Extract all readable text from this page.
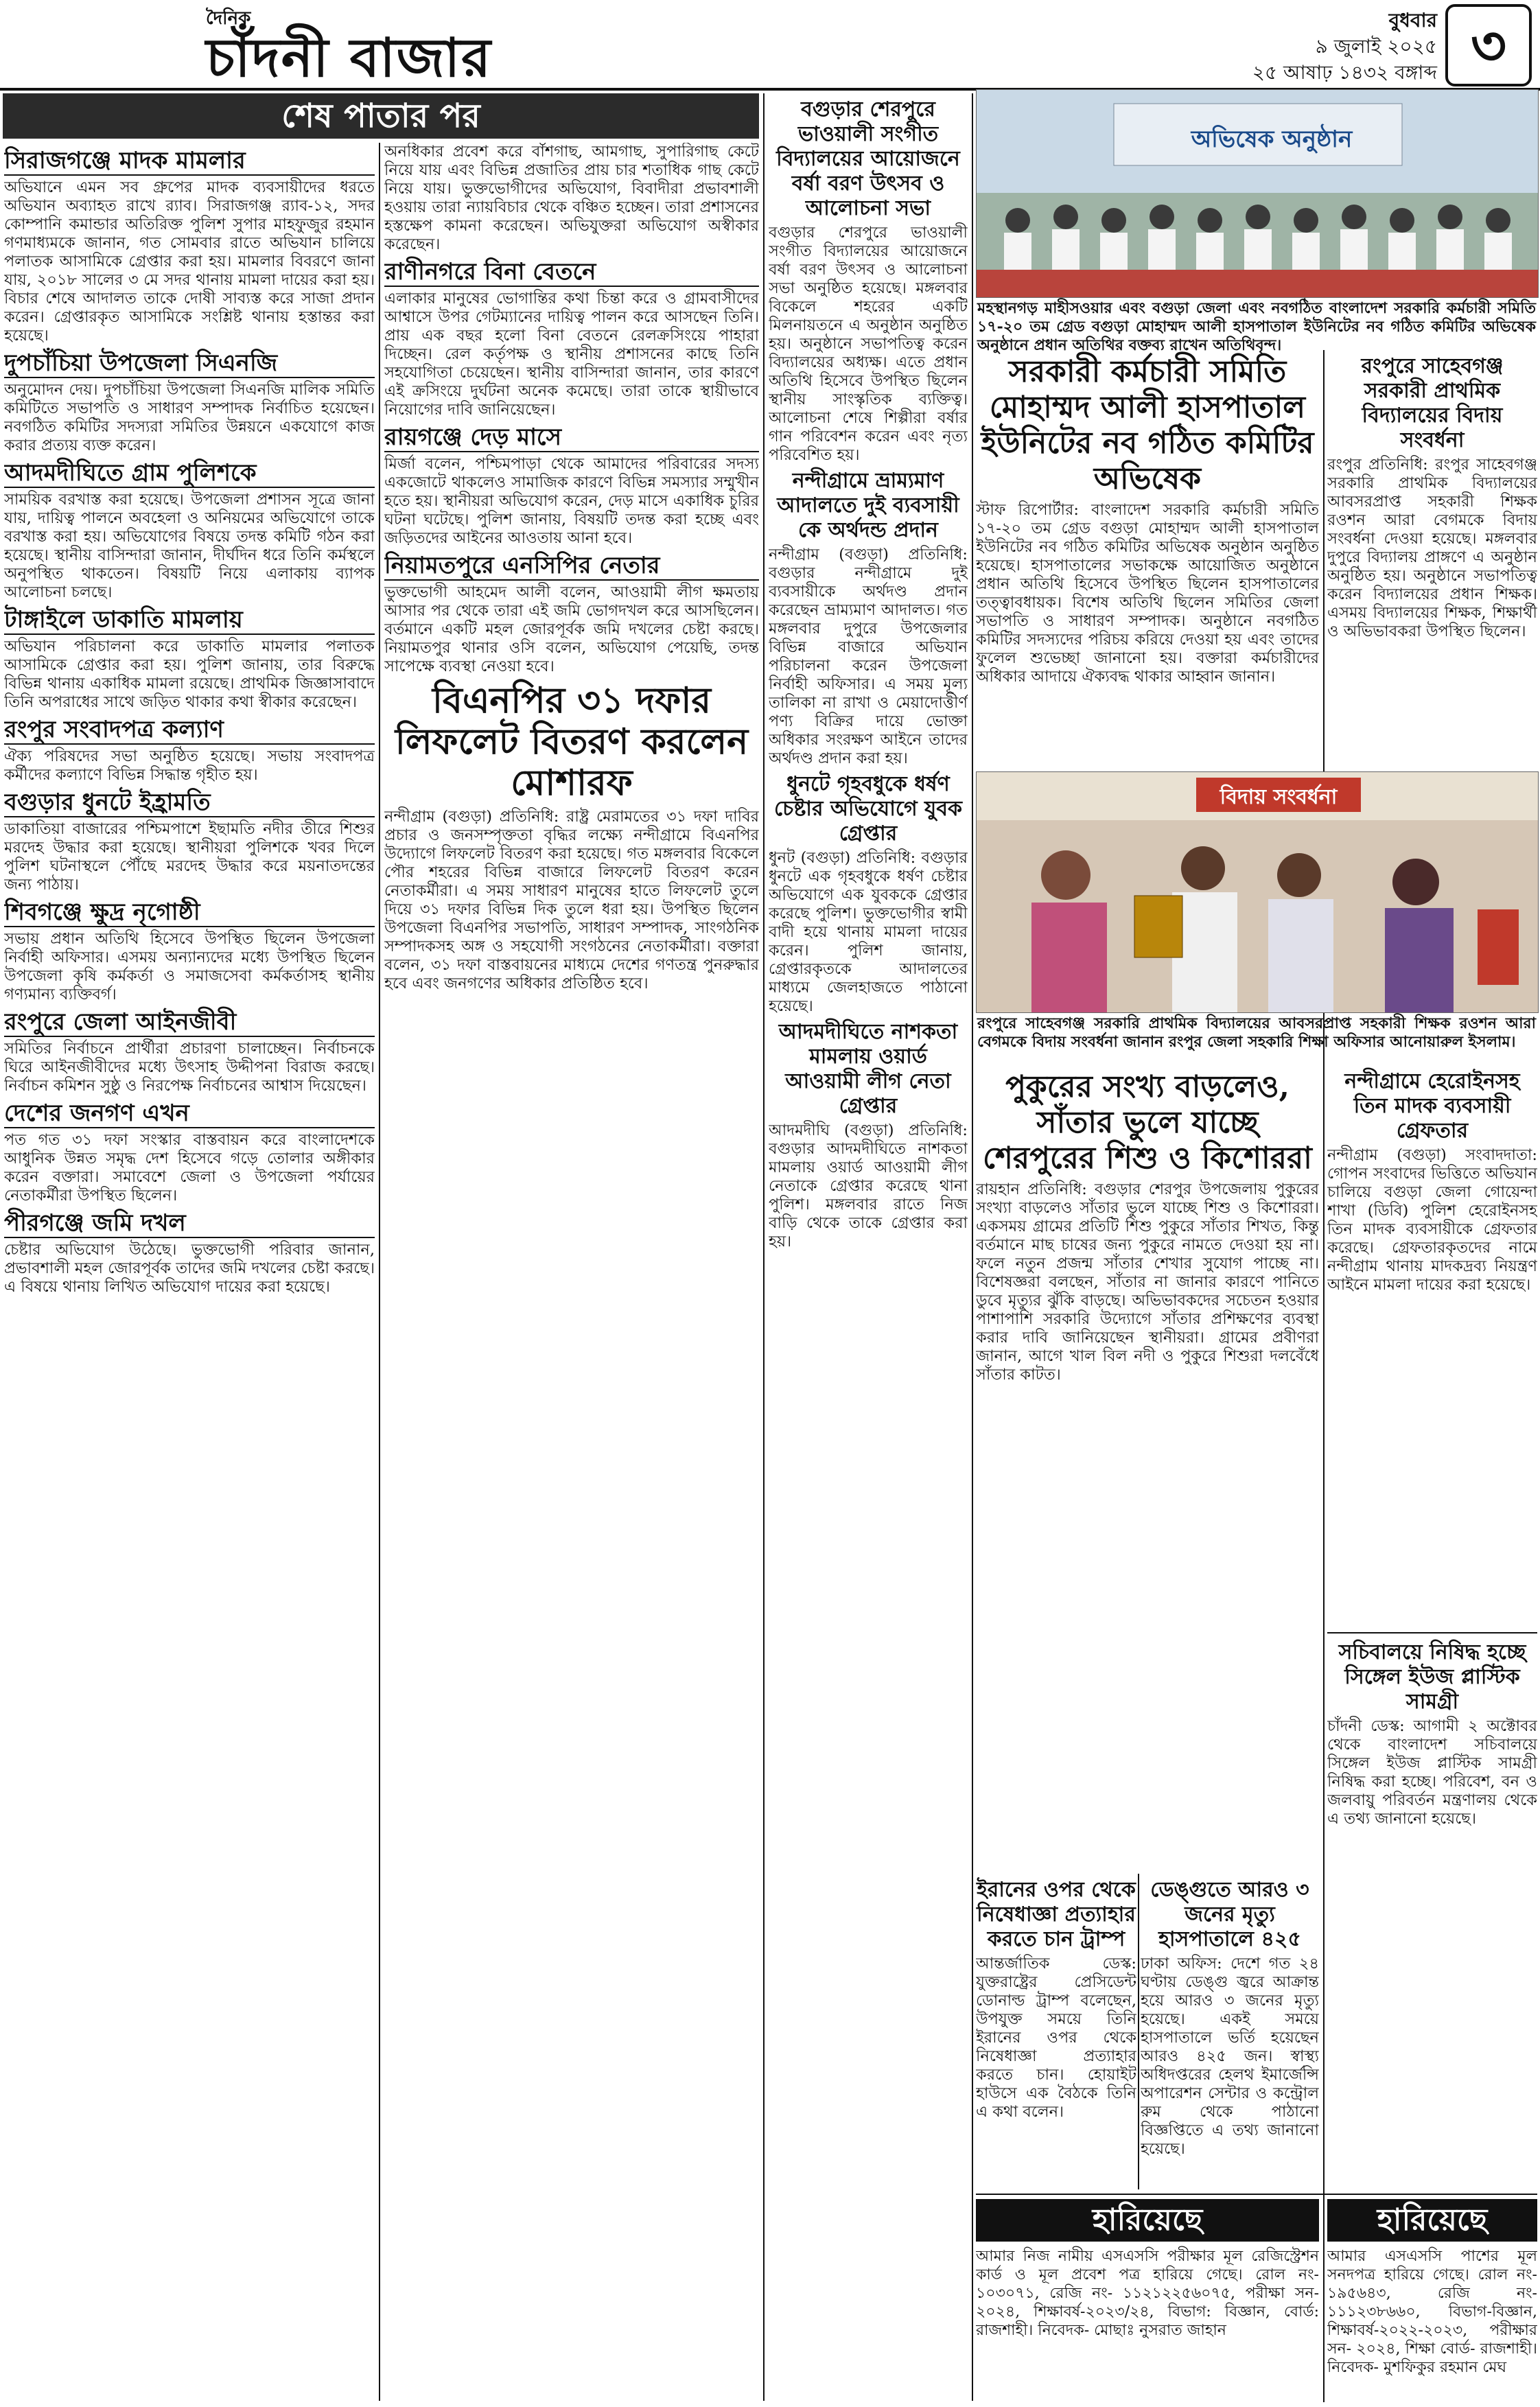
দৈনিক
চাঁদনী বাজার
বুধবার
৯ জুলাই ২০২৫
২৫ আষাঢ় ১৪৩২ বঙ্গাব্দ ৩
শেষ পাতার পর
সিরাজগঞ্জে মাদক মামলার

অভিযানে এমন সব গ্রুপের মাদক ব্যবসায়ীদের ধরতে অভিযান অব্যাহত রাখে র‌্যাব। সিরাজগঞ্জ র‌্যাব-১২, সদর কোম্পানি কমান্ডার অতিরিক্ত পুলিশ সুপার মাহফুজুর রহমান গণমাধ্যমকে জানান, গত সোমবার রাতে অভিযান চালিয়ে পলাতক আসামিকে গ্রেপ্তার করা হয়। মামলার বিবরণে জানা যায়, ২০১৮ সালের ৩ মে সদর থানায় মামলা দায়ের করা হয়। বিচার শেষে আদালত তাকে দোষী সাব্যস্ত করে সাজা প্রদান করেন। গ্রেপ্তারকৃত আসামিকে সংশ্লিষ্ট থানায় হস্তান্তর করা হয়েছে।

দুপচাঁচিয়া উপজেলা সিএনজি

অনুমোদন দেয়। দুপচাঁচিয়া উপজেলা সিএনজি মালিক সমিতি কমিটিতে সভাপতি ও সাধারণ সম্পাদক নির্বাচিত হয়েছেন। নবগঠিত কমিটির সদস্যরা সমিতির উন্নয়নে একযোগে কাজ করার প্রত্যয় ব্যক্ত করেন।

আদমদীঘিতে গ্রাম পুলিশকে

সাময়িক বরখাস্ত করা হয়েছে। উপজেলা প্রশাসন সূত্রে জানা যায়, দায়িত্ব পালনে অবহেলা ও অনিয়মের অভিযোগে তাকে বরখাস্ত করা হয়। অভিযোগের বিষয়ে তদন্ত কমিটি গঠন করা হয়েছে। স্থানীয় বাসিন্দারা জানান, দীর্ঘদিন ধরে তিনি কর্মস্থলে অনুপস্থিত থাকতেন। বিষয়টি নিয়ে এলাকায় ব্যাপক আলোচনা চলছে।

টাঙ্গাইলে ডাকাতি মামলায়

অভিযান পরিচালনা করে ডাকাতি মামলার পলাতক আসামিকে গ্রেপ্তার করা হয়। পুলিশ জানায়, তার বিরুদ্ধে বিভিন্ন থানায় একাধিক মামলা রয়েছে। প্রাথমিক জিজ্ঞাসাবাদে তিনি অপরাধের সাথে জড়িত থাকার কথা স্বীকার করেছেন।

রংপুর সংবাদপত্র কল্যাণ

ঐক্য পরিষদের সভা অনুষ্ঠিত হয়েছে। সভায় সংবাদপত্র কর্মীদের কল্যাণে বিভিন্ন সিদ্ধান্ত গৃহীত হয়।

বগুড়ার ধুনটে ইহ্রামতি

ডাকাতিয়া বাজারের পশ্চিমপাশে ইছামতি নদীর তীরে শিশুর মরদেহ উদ্ধার করা হয়েছে। স্থানীয়রা পুলিশকে খবর দিলে পুলিশ ঘটনাস্থলে পৌঁছে মরদেহ উদ্ধার করে ময়নাতদন্তের জন্য পাঠায়।

শিবগঞ্জে ক্ষুদ্র নৃগোষ্ঠী

সভায় প্রধান অতিথি হিসেবে উপস্থিত ছিলেন উপজেলা নির্বাহী অফিসার। এসময় অন্যান্যদের মধ্যে উপস্থিত ছিলেন উপজেলা কৃষি কর্মকর্তা ও সমাজসেবা কর্মকর্তাসহ স্থানীয় গণ্যমান্য ব্যক্তিবর্গ।

রংপুরে জেলা আইনজীবী

সমিতির নির্বাচনে প্রার্থীরা প্রচারণা চালাচ্ছেন। নির্বাচনকে ঘিরে আইনজীবীদের মধ্যে উৎসাহ উদ্দীপনা বিরাজ করছে। নির্বাচন কমিশন সুষ্ঠু ও নিরপেক্ষ নির্বাচনের আশ্বাস দিয়েছেন।

দেশের জনগণ এখন

পত গত ৩১ দফা সংস্কার বাস্তবায়ন করে বাংলাদেশকে আধুনিক উন্নত সমৃদ্ধ দেশ হিসেবে গড়ে তোলার অঙ্গীকার করেন বক্তারা। সমাবেশে জেলা ও উপজেলা পর্যায়ের নেতাকর্মীরা উপস্থিত ছিলেন।

পীরগঞ্জে জমি দখল

চেষ্টার অভিযোগ উঠেছে। ভুক্তভোগী পরিবার জানান, প্রভাবশালী মহল জোরপূর্বক তাদের জমি দখলের চেষ্টা করছে। এ বিষয়ে থানায় লিখিত অভিযোগ দায়ের করা হয়েছে।

অনধিকার প্রবেশ করে বাঁশগাছ, আমগাছ, সুপারিগাছ কেটে নিয়ে যায় এবং বিভিন্ন প্রজাতির প্রায় চার শতাধিক গাছ কেটে নিয়ে যায়। ভুক্তভোগীদের অভিযোগ, বিবাদীরা প্রভাবশালী হওয়ায় তারা ন্যায়বিচার থেকে বঞ্চিত হচ্ছেন। তারা প্রশাসনের হস্তক্ষেপ কামনা করেছেন। অভিযুক্তরা অভিযোগ অস্বীকার করেছেন।

রাণীনগরে বিনা বেতনে

এলাকার মানুষের ভোগান্তির কথা চিন্তা করে ও গ্রামবাসীদের আশ্বাসে উপর গেটম্যানের দায়িত্ব পালন করে আসছেন তিনি। প্রায় এক বছর হলো বিনা বেতনে রেলক্রসিংয়ে পাহারা দিচ্ছেন। রেল কর্তৃপক্ষ ও স্থানীয় প্রশাসনের কাছে তিনি সহযোগিতা চেয়েছেন। স্থানীয় বাসিন্দারা জানান, তার কারণে এই ক্রসিংয়ে দুর্ঘটনা অনেক কমেছে। তারা তাকে স্থায়ীভাবে নিয়োগের দাবি জানিয়েছেন।

রায়গঞ্জে দেড় মাসে

মির্জা বলেন, পশ্চিমপাড়া থেকে আমাদের পরিবারের সদস্য একজোটে থাকলেও সামাজিক কারণে বিভিন্ন সমস্যার সম্মুখীন হতে হয়। স্থানীয়রা অভিযোগ করেন, দেড় মাসে একাধিক চুরির ঘটনা ঘটেছে। পুলিশ জানায়, বিষয়টি তদন্ত করা হচ্ছে এবং জড়িতদের আইনের আওতায় আনা হবে।

নিয়ামতপুরে এনসিপির নেতার

ভুক্তভোগী আহমেদ আলী বলেন, আওয়ামী লীগ ক্ষমতায় আসার পর থেকে তারা এই জমি ভোগদখল করে আসছিলেন। বর্তমানে একটি মহল জোরপূর্বক জমি দখলের চেষ্টা করছে। নিয়ামতপুর থানার ওসি বলেন, অভিযোগ পেয়েছি, তদন্ত সাপেক্ষে ব্যবস্থা নেওয়া হবে।

বিএনপির ৩১ দফার লিফলেট বিতরণ করলেন মোশারফ

নন্দীগ্রাম (বগুড়া) প্রতিনিধি: রাষ্ট্র মেরামতের ৩১ দফা দাবির প্রচার ও জনসম্পৃক্ততা বৃদ্ধির লক্ষ্যে নন্দীগ্রামে বিএনপির উদ্যোগে লিফলেট বিতরণ করা হয়েছে। গত মঙ্গলবার বিকেলে পৌর শহরের বিভিন্ন বাজারে লিফলেট বিতরণ করেন নেতাকর্মীরা। এ সময় সাধারণ মানুষের হাতে লিফলেট তুলে দিয়ে ৩১ দফার বিভিন্ন দিক তুলে ধরা হয়। উপস্থিত ছিলেন উপজেলা বিএনপির সভাপতি, সাধারণ সম্পাদক, সাংগঠনিক সম্পাদকসহ অঙ্গ ও সহযোগী সংগঠনের নেতাকর্মীরা। বক্তারা বলেন, ৩১ দফা বাস্তবায়নের মাধ্যমে দেশের গণতন্ত্র পুনরুদ্ধার হবে এবং জনগণের অধিকার প্রতিষ্ঠিত হবে।

বগুড়ার শেরপুরে ভাওয়ালী সংগীত বিদ্যালয়ের আয়োজনে বর্ষা বরণ উৎসব ও আলোচনা সভা

বগুড়ার শেরপুরে ভাওয়ালী সংগীত বিদ্যালয়ের আয়োজনে বর্ষা বরণ উৎসব ও আলোচনা সভা অনুষ্ঠিত হয়েছে। মঙ্গলবার বিকেলে শহরের একটি মিলনায়তনে এ অনুষ্ঠান অনুষ্ঠিত হয়। অনুষ্ঠানে সভাপতিত্ব করেন বিদ্যালয়ের অধ্যক্ষ। এতে প্রধান অতিথি হিসেবে উপস্থিত ছিলেন স্থানীয় সাংস্কৃতিক ব্যক্তিত্ব। আলোচনা শেষে শিল্পীরা বর্ষার গান পরিবেশন করেন এবং নৃত্য পরিবেশিত হয়।

নন্দীগ্রামে ভ্রাম্যমাণ আদালতে দুই ব্যবসায়ী কে অর্থদন্ড প্রদান

নন্দীগ্রাম (বগুড়া) প্রতিনিধি: বগুড়ার নন্দীগ্রামে দুই ব্যবসায়ীকে অর্থদণ্ড প্রদান করেছেন ভ্রাম্যমাণ আদালত। গত মঙ্গলবার দুপুরে উপজেলার বিভিন্ন বাজারে অভিযান পরিচালনা করেন উপজেলা নির্বাহী অফিসার। এ সময় মূল্য তালিকা না রাখা ও মেয়াদোত্তীর্ণ পণ্য বিক্রির দায়ে ভোক্তা অধিকার সংরক্ষণ আইনে তাদের অর্থদণ্ড প্রদান করা হয়।

ধুনটে গৃহবধুকে ধর্ষণ চেষ্টার অভিযোগে যুবক গ্রেপ্তার

ধুনট (বগুড়া) প্রতিনিধি: বগুড়ার ধুনটে এক গৃহবধুকে ধর্ষণ চেষ্টার অভিযোগে এক যুবককে গ্রেপ্তার করেছে পুলিশ। ভুক্তভোগীর স্বামী বাদী হয়ে থানায় মামলা দায়ের করেন। পুলিশ জানায়, গ্রেপ্তারকৃতকে আদালতের মাধ্যমে জেলহাজতে পাঠানো হয়েছে।

আদমদীঘিতে নাশকতা মামলায় ওয়ার্ড আওয়ামী লীগ নেতা গ্রেপ্তার

আদমদীঘি (বগুড়া) প্রতিনিধি: বগুড়ার আদমদীঘিতে নাশকতা মামলায় ওয়ার্ড আওয়ামী লীগ নেতাকে গ্রেপ্তার করেছে থানা পুলিশ। মঙ্গলবার রাতে নিজ বাড়ি থেকে তাকে গ্রেপ্তার করা হয়।

অভিষেক অনুষ্ঠান
মহস্থানগড় মাহীসওয়ার এবং বগুড়া জেলা এবং নবগঠিত বাংলাদেশ সরকারি কর্মচারী সমিতি ১৭-২০ তম গ্রেড বগুড়া মোহাম্মদ আলী হাসপাতাল ইউনিটের নব গঠিত কমিটির অভিষেক অনুষ্ঠানে প্রধান অতিথির বক্তব্য রাখেন অতিথিবৃন্দ।
সরকারী কর্মচারী সমিতি মোহাম্মদ আলী হাসপাতাল ইউনিটের নব গঠিত কমিটির অভিষেক

স্টাফ রিপোর্টার: বাংলাদেশ সরকারি কর্মচারী সমিতি ১৭-২০ তম গ্রেড বগুড়া মোহাম্মদ আলী হাসপাতাল ইউনিটের নব গঠিত কমিটির অভিষেক অনুষ্ঠান অনুষ্ঠিত হয়েছে। হাসপাতালের সভাকক্ষে আয়োজিত অনুষ্ঠানে প্রধান অতিথি হিসেবে উপস্থিত ছিলেন হাসপাতালের তত্ত্বাবধায়ক। বিশেষ অতিথি ছিলেন সমিতির জেলা সভাপতি ও সাধারণ সম্পাদক। অনুষ্ঠানে নবগঠিত কমিটির সদস্যদের পরিচয় করিয়ে দেওয়া হয় এবং তাদের ফুলেল শুভেচ্ছা জানানো হয়। বক্তারা কর্মচারীদের অধিকার আদায়ে ঐক্যবদ্ধ থাকার আহ্বান জানান।

রংপুরে সাহেবগঞ্জ সরকারী প্রাথমিক বিদ্যালয়ের বিদায় সংবর্ধনা

রংপুর প্রতিনিধি: রংপুর সাহেবগঞ্জ সরকারি প্রাথমিক বিদ্যালয়ের আবসরপ্রাপ্ত সহকারী শিক্ষক রওশন আরা বেগমকে বিদায় সংবর্ধনা দেওয়া হয়েছে। মঙ্গলবার দুপুরে বিদ্যালয় প্রাঙ্গণে এ অনুষ্ঠান অনুষ্ঠিত হয়। অনুষ্ঠানে সভাপতিত্ব করেন বিদ্যালয়ের প্রধান শিক্ষক। এসময় বিদ্যালয়ের শিক্ষক, শিক্ষার্থী ও অভিভাবকরা উপস্থিত ছিলেন।

বিদায় সংবর্ধনা
রংপুরে সাহেবগঞ্জ সরকারি প্রাথমিক বিদ্যালয়ের আবসরপ্রাপ্ত সহকারী শিক্ষক রওশন আরা বেগমকে বিদায় সংবর্ধনা জানান রংপুর জেলা সহকারি শিক্ষা অফিসার আনোয়ারুল ইসলাম।
পুকুরের সংখ্য বাড়লেও, সাঁতার ভুলে যাচ্ছে শেরপুরের শিশু ও কিশোররা

রায়হান প্রতিনিধি: বগুড়ার শেরপুর উপজেলায় পুকুরের সংখ্যা বাড়লেও সাঁতার ভুলে যাচ্ছে শিশু ও কিশোররা। একসময় গ্রামের প্রতিটি শিশু পুকুরে সাঁতার শিখত, কিন্তু বর্তমানে মাছ চাষের জন্য পুকুরে নামতে দেওয়া হয় না। ফলে নতুন প্রজন্ম সাঁতার শেখার সুযোগ পাচ্ছে না। বিশেষজ্ঞরা বলছেন, সাঁতার না জানার কারণে পানিতে ডুবে মৃত্যুর ঝুঁকি বাড়ছে। অভিভাবকদের সচেতন হওয়ার পাশাপাশি সরকারি উদ্যোগে সাঁতার প্রশিক্ষণের ব্যবস্থা করার দাবি জানিয়েছেন স্থানীয়রা। গ্রামের প্রবীণরা জানান, আগে খাল বিল নদী ও পুকুরে শিশুরা দলবেঁধে সাঁতার কাটত।

ডেঙ্গুতে আরও ৩ জনের মৃত্যু হাসপাতালে ৪২৫

ঢাকা অফিস: দেশে গত ২৪ ঘণ্টায় ডেঙ্গু জ্বরে আক্রান্ত হয়ে আরও ৩ জনের মৃত্যু হয়েছে। একই সময়ে হাসপাতালে ভর্তি হয়েছেন আরও ৪২৫ জন। স্বাস্থ্য অধিদপ্তরের হেলথ ইমার্জেন্সি অপারেশন সেন্টার ও কন্ট্রোল রুম থেকে পাঠানো বিজ্ঞপ্তিতে এ তথ্য জানানো হয়েছে।

ইরানের ওপর থেকে নিষেধাজ্ঞা প্রত্যাহার করতে চান ট্রাম্প

আন্তর্জাতিক ডেস্ক: যুক্তরাষ্ট্রের প্রেসিডেন্ট ডোনাল্ড ট্রাম্প বলেছেন, উপযুক্ত সময়ে তিনি ইরানের ওপর থেকে নিষেধাজ্ঞা প্রত্যাহার করতে চান। হোয়াইট হাউসে এক বৈঠকে তিনি এ কথা বলেন।

নন্দীগ্রামে হেরোইনসহ তিন মাদক ব্যবসায়ী গ্রেফতার

নন্দীগ্রাম (বগুড়া) সংবাদদাতা: গোপন সংবাদের ভিত্তিতে অভিযান চালিয়ে বগুড়া জেলা গোয়েন্দা শাখা (ডিবি) পুলিশ হেরোইনসহ তিন মাদক ব্যবসায়ীকে গ্রেফতার করেছে। গ্রেফতারকৃতদের নামে নন্দীগ্রাম থানায় মাদকদ্রব্য নিয়ন্ত্রণ আইনে মামলা দায়ের করা হয়েছে।

সচিবালয়ে নিষিদ্ধ হচ্ছে সিঙ্গেল ইউজ প্লাস্টিক সামগ্রী

চাঁদনী ডেস্ক: আগামী ২ অক্টোবর থেকে বাংলাদেশ সচিবালয়ে সিঙ্গেল ইউজ প্লাস্টিক সামগ্রী নিষিদ্ধ করা হচ্ছে। পরিবেশ, বন ও জলবায়ু পরিবর্তন মন্ত্রণালয় থেকে এ তথ্য জানানো হয়েছে।

হারিয়েছে

আমার নিজ নামীয় এসএসসি পরীক্ষার মূল রেজিস্ট্রেশন কার্ড ও মূল প্রবেশ পত্র হারিয়ে গেছে। রোল নং- ১০৩০৭১, রেজি নং- ১১২১২২৫৬০৭৫, পরীক্ষা সন- ২০২৪, শিক্ষাবর্ষ-২০২৩/২৪, বিভাগ: বিজ্ঞান, বোর্ড: রাজশাহী। নিবেদক- মোছাঃ নুসরাত জাহান

হারিয়েছে

আমার এসএসসি পাশের মূল সনদপত্র হারিয়ে গেছে। রোল নং- ১৯৫৬৪৩, রেজি নং- ১১১২৩৮৬৬০, বিভাগ-বিজ্ঞান, শিক্ষাবর্ষ-২০২২-২০২৩, পরীক্ষার সন- ২০২৪, শিক্ষা বোর্ড- রাজশাহী। নিবেদক- মুশফিকুর রহমান মেঘ
